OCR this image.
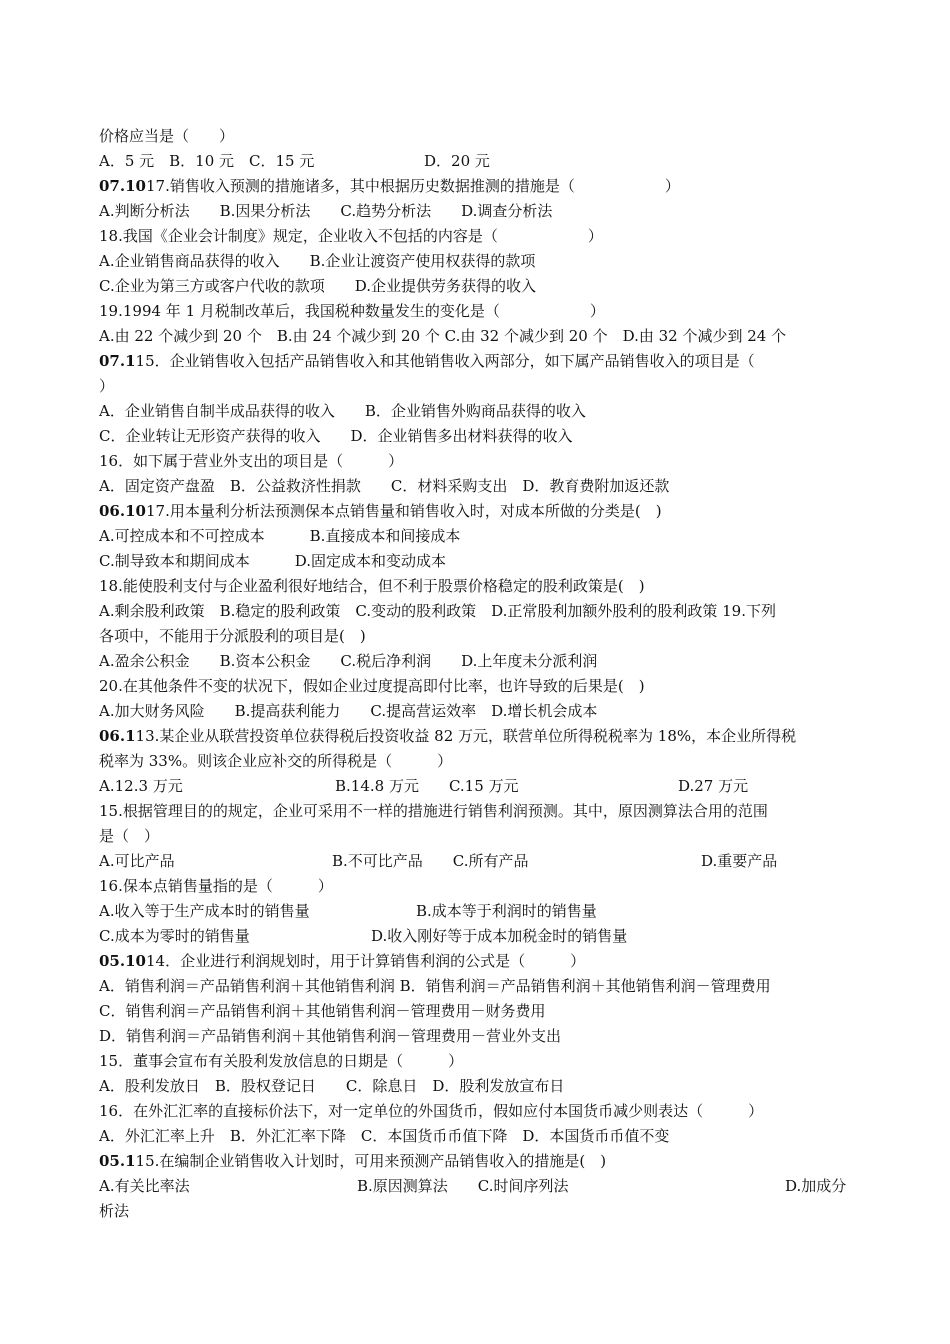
价格应当是（　　）
A．5 元　B．10 元　C．15 元	D．20 元
07.1017.销售收入预测的措施诸多，其中根据历史数据推测的措施是（　　　　　　）
A.判断分析法　　B.因果分析法　　C.趋势分析法　　D.调查分析法
18.我国《企业会计制度》规定，企业收入不包括的内容是（　　　　　　）
A.企业销售商品获得的收入　　B.企业让渡资产使用权获得的款项
C.企业为第三方或客户代收的款项　　D.企业提供劳务获得的收入
19.1994 年 1 月税制改革后，我国税种数量发生的变化是（　　　　　　）
A.由 22 个减少到 20 个　B.由 24 个减少到 20 个 C.由 32 个减少到 20 个　D.由 32 个减少到 24 个
07.115．企业销售收入包括产品销售收入和其他销售收入两部分，如下属产品销售收入的项目是（
）
A．企业销售自制半成品获得的收入　　B．企业销售外购商品获得的收入
C．企业转让无形资产获得的收入　　D．企业销售多出材料获得的收入
16．如下属于营业外支出的项目是（　　　）
A．固定资产盘盈　B．公益救济性捐款　　C．材料采购支出　D．教育费附加返还款
06.1017.用本量利分析法预测保本点销售量和销售收入时，对成本所做的分类是(　)
A.可控成本和不可控成本　　　B.直接成本和间接成本
C.制导致本和期间成本　　　D.固定成本和变动成本
18.能使股利支付与企业盈利很好地结合，但不利于股票价格稳定的股利政策是(　)
A.剩余股利政策　B.稳定的股利政策　C.变动的股利政策　D.正常股利加额外股利的股利政策 19.下列
各项中，不能用于分派股利的项目是(　)
A.盈余公积金　　B.资本公积金　　C.税后净利润　　D.上年度未分派利润
20.在其他条件不变的状况下，假如企业过度提高即付比率，也许导致的后果是(　)
A.加大财务风险　　B.提高获利能力　　C.提高营运效率　D.增长机会成本
06.113.某企业从联营投资单位获得税后投资收益 82 万元，联营单位所得税税率为 18%，本企业所得税
税率为 33%。则该企业应补交的所得税是（　　　）
A.12.3 万元	B.14.8 万元　　C.15 万元	D.27 万元
15.根据管理目的的规定，企业可采用不一样的措施进行销售利润预测。其中，原因测算法合用的范围
是（　）
A.可比产品	B.不可比产品　　C.所有产品	D.重要产品
16.保本点销售量指的是（　　　）
A.收入等于生产成本时的销售量	B.成本等于利润时的销售量
C.成本为零时的销售量	D.收入刚好等于成本加税金时的销售量
05.1014．企业进行利润规划时，用于计算销售利润的公式是（　　　）
A．销售利润＝产品销售利润＋其他销售利润 B．销售利润＝产品销售利润＋其他销售利润－管理费用
C．销售利润＝产品销售利润＋其他销售利润－管理费用－财务费用
D．销售利润＝产品销售利润＋其他销售利润－管理费用－营业外支出
15．董事会宣布有关股利发放信息的日期是（　　　）
A．股利发放日　B．股权登记日　　C．除息日　D．股利发放宣布日
16．在外汇汇率的直接标价法下，对一定单位的外国货币，假如应付本国货币减少则表达（　　　）
A．外汇汇率上升　B．外汇汇率下降　C．本国货币币值下降　D．本国货币币值不变
05.115.在编制企业销售收入计划时，可用来预测产品销售收入的措施是(　)
A.有关比率法	B.原因测算法　　C.时间序列法	D.加成分
析法
